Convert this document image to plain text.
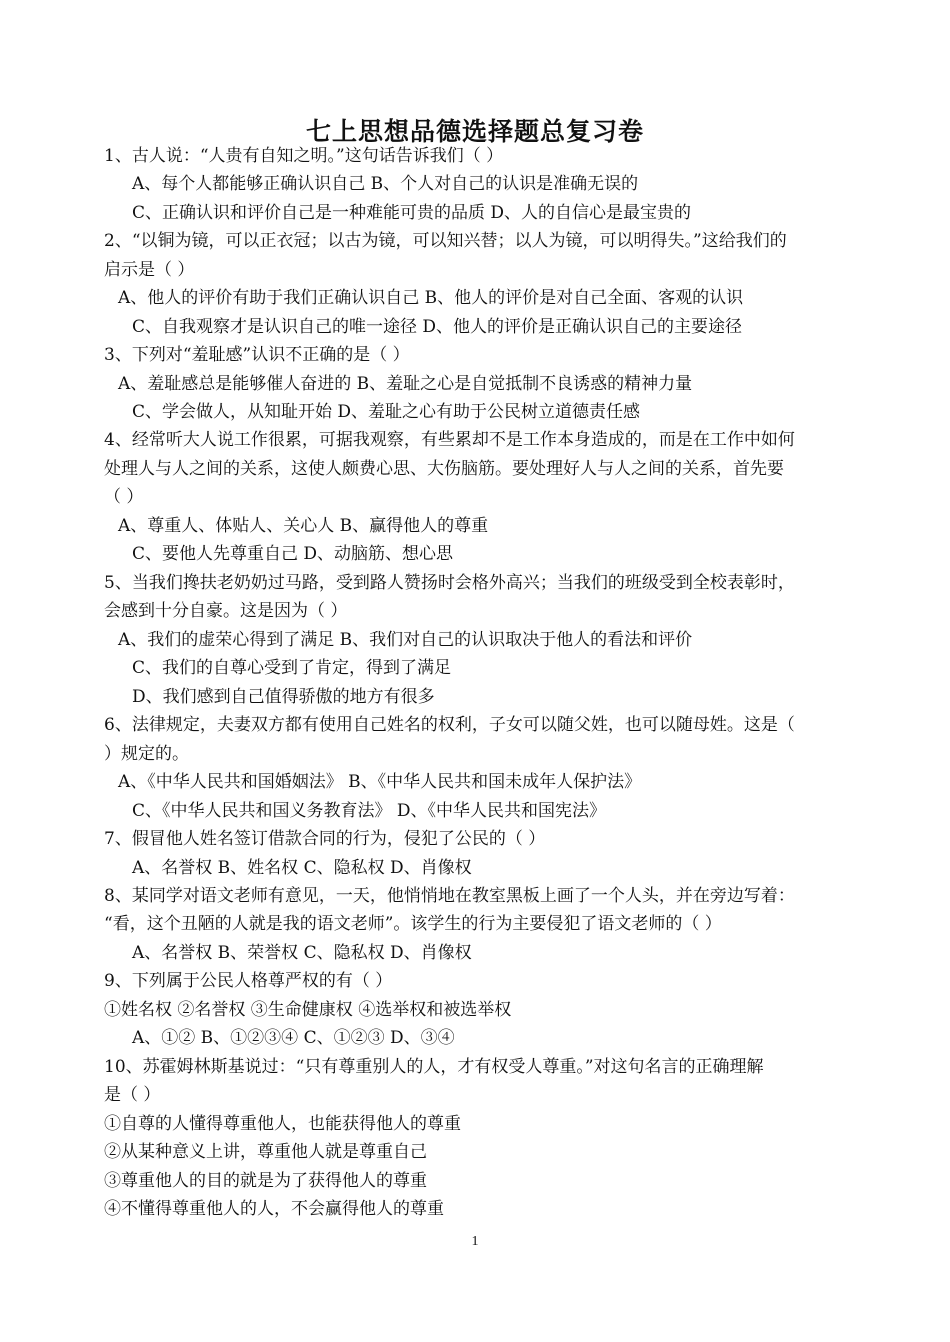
七上思想品德选择题总复习卷
1、古人说：“人贵有自知之明。”这句话告诉我们（ ）
A、每个人都能够正确认识自己 B、个人对自己的认识是准确无误的
C、正确认识和评价自己是一种难能可贵的品质 D、人的自信心是最宝贵的
2、“以铜为镜，可以正衣冠；以古为镜，可以知兴替；以人为镜，可以明得失。”这给我们的
启示是（ ）
A、他人的评价有助于我们正确认识自己 B、他人的评价是对自己全面、客观的认识
C、自我观察才是认识自己的唯一途径 D、他人的评价是正确认识自己的主要途径
3、下列对“羞耻感”认识不正确的是（ ）
A、羞耻感总是能够催人奋进的 B、羞耻之心是自觉抵制不良诱惑的精神力量
C、学会做人，从知耻开始 D、羞耻之心有助于公民树立道德责任感
4、经常听大人说工作很累，可据我观察，有些累却不是工作本身造成的，而是在工作中如何
处理人与人之间的关系，这使人颇费心思、大伤脑筋。要处理好人与人之间的关系，首先要
（ ）
A、尊重人、体贴人、关心人 B、赢得他人的尊重
C、要他人先尊重自己 D、动脑筋、想心思
5、当我们搀扶老奶奶过马路，受到路人赞扬时会格外高兴；当我们的班级受到全校表彰时，
会感到十分自豪。这是因为（ ）
A、我们的虚荣心得到了满足 B、我们对自己的认识取决于他人的看法和评价
C、我们的自尊心受到了肯定，得到了满足
D、我们感到自己值得骄傲的地方有很多
6、法律规定，夫妻双方都有使用自己姓名的权利，子女可以随父姓，也可以随母姓。这是（
）规定的。
A、《中华人民共和国婚姻法》 B、《中华人民共和国未成年人保护法》
C、《中华人民共和国义务教育法》 D、《中华人民共和国宪法》
7、假冒他人姓名签订借款合同的行为，侵犯了公民的（ ）
A、名誉权 B、姓名权 C、隐私权 D、肖像权
8、某同学对语文老师有意见，一天，他悄悄地在教室黑板上画了一个人头，并在旁边写着：
“看，这个丑陋的人就是我的语文老师”。该学生的行为主要侵犯了语文老师的（ ）
A、名誉权 B、荣誉权 C、隐私权 D、肖像权
9、下列属于公民人格尊严权的有（ ）
①姓名权 ②名誉权 ③生命健康权 ④选举权和被选举权
A、①② B、①②③④ C、①②③ D、③④
10、苏霍姆林斯基说过：“只有尊重别人的人，才有权受人尊重。”对这句名言的正确理解
是（ ）
①自尊的人懂得尊重他人，也能获得他人的尊重
②从某种意义上讲，尊重他人就是尊重自己
③尊重他人的目的就是为了获得他人的尊重
④不懂得尊重他人的人，不会赢得他人的尊重
1
